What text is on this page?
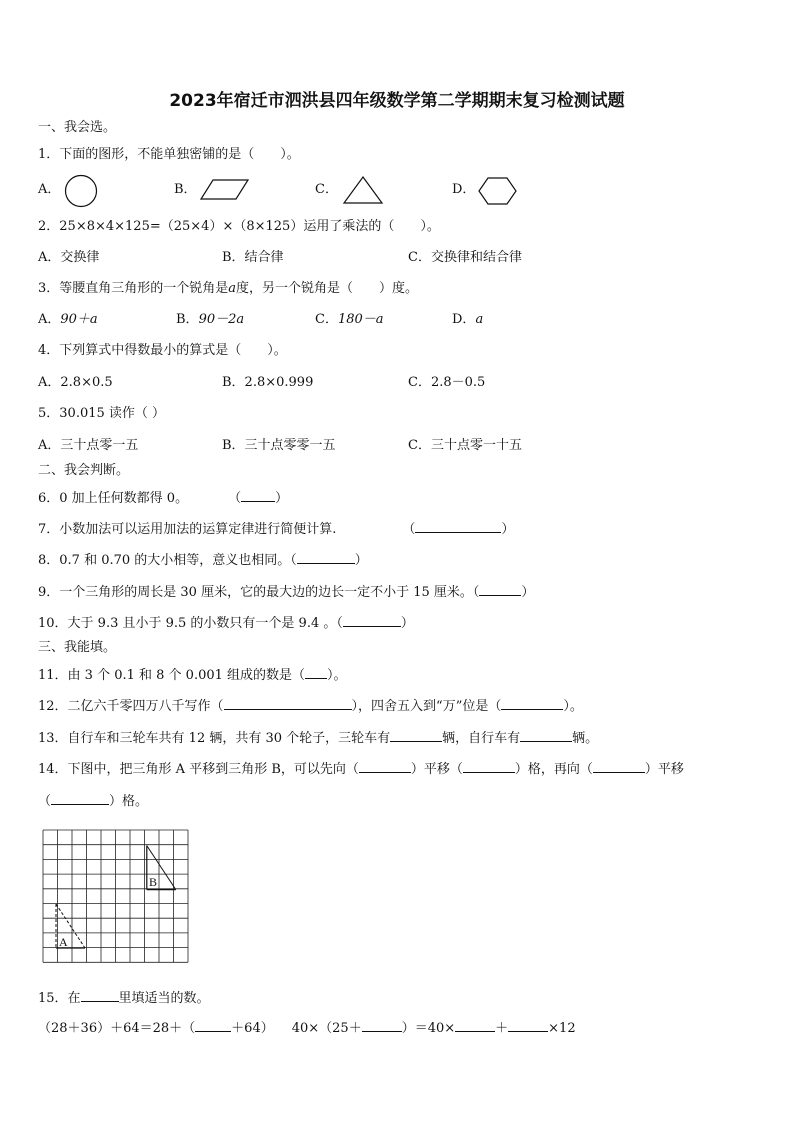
2023年宿迁市泗洪县四年级数学第二学期期末复习检测试题
一、我会选。
1．下面的图形，不能单独密铺的是（　　）。
A．	B．	C．	D．
2．25×8×4×125=（25×4）×（8×125）运用了乘法的（　　）。
A．交换律	B．结合律	C．交换律和结合律
3．等腰直角三角形的一个锐角是a度，另一个锐角是（　　）度。
A．90＋a	B．90－2a	C．180－a	D．a
4．下列算式中得数最小的算式是（　　）。
A．2.8×0.5	B．2.8×0.999	C．2.8－0.5
5．30.015 读作（ ）
A．三十点零一五	B．三十点零零一五	C．三十点零一十五
二、我会判断。
6．0 加上任何数都得 0。	（	）
7．小数加法可以运用加法的运算定律进行简便计算.	（	）
8．0.7 和 0.70 的大小相等，意义也相同。（	）
9．一个三角形的周长是 30 厘米，它的最大边的边长一定不小于 15 厘米。（	）
10．大于 9.3 且小于 9.5 的小数只有一个是 9.4 。（	）
三、我能填。
11．由 3 个 0.1 和 8 个 0.001 组成的数是（ ）。
12．二亿六千零四万八千写作（	），四舍五入到“万”位是（	）。
13．自行车和三轮车共有 12 辆，共有 30 个轮子，三轮车有	辆，自行车有	辆。
14．下图中，把三角形 A 平移到三角形 B，可以先向（	）平移（	）格，再向（	）平移
（	）格。
B
A
15．在	里填适当的数。
（28＋36）＋64＝28＋（	＋64） 40×（25＋	）＝40×	＋	×12
